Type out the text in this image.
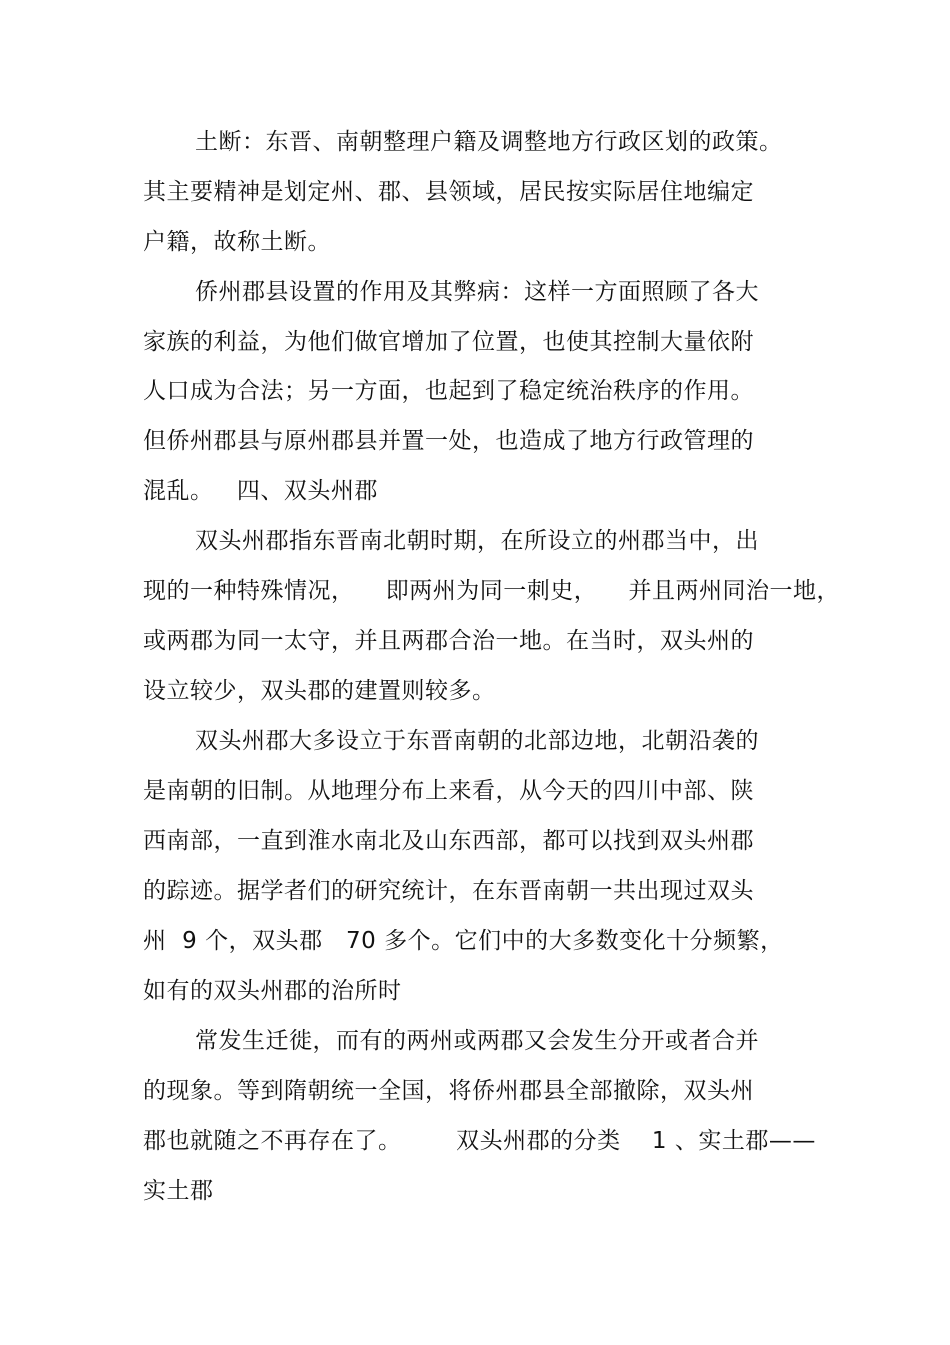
土断：东晋、南朝整理户籍及调整地方行政区划的政策。
其主要精神是划定州、郡、县领域，居民按实际居住地编定
户籍，故称土断。
侨州郡县设置的作用及其弊病：这样一方面照顾了各大
家族的利益，为他们做官增加了位置，也使其控制大量依附
人口成为合法；另一方面，也起到了稳定统治秩序的作用。
但侨州郡县与原州郡县并置一处，也造成了地方行政管理的
混乱。   四、双头州郡
双头州郡指东晋南北朝时期，在所设立的州郡当中，出
现的一种特殊情况，    即两州为同一刺史，    并且两州同治一地，
或两郡为同一太守，并且两郡合治一地。在当时，双头州的
设立较少，双头郡的建置则较多。
双头州郡大多设立于东晋南朝的北部边地，北朝沿袭的
是南朝的旧制。从地理分布上来看，从今天的四川中部、陕
西南部，一直到淮水南北及山东西部，都可以找到双头州郡
的踪迹。据学者们的研究统计，在东晋南朝一共出现过双头
州  9 个，双头郡   70 多个。它们中的大多数变化十分频繁，
如有的双头州郡的治所时
常发生迁徙，而有的两州或两郡又会发生分开或者合并
的现象。等到隋朝统一全国，将侨州郡县全部撤除，双头州
郡也就随之不再存在了。       双头州郡的分类    1 、实土郡——
实土郡
